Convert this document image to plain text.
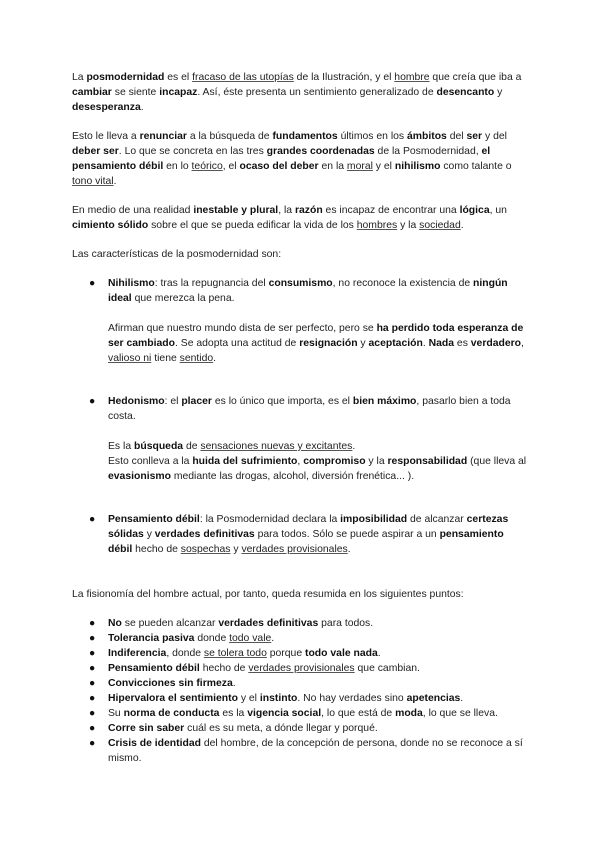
La posmodernidad es el fracaso de las utopías de la Ilustración, y el hombre que creía que iba a cambiar se siente incapaz. Así, éste presenta un sentimiento generalizado de desencanto y desesperanza.

Esto le lleva a renunciar a la búsqueda de fundamentos últimos en los ámbitos del ser y del deber ser. Lo que se concreta en las tres grandes coordenadas de la Posmodernidad, el pensamiento débil en lo teórico, el ocaso del deber en la moral y el nihilismo como talante o tono vital.

En medio de una realidad inestable y plural, la razón es incapaz de encontrar una lógica, un cimiento sólido sobre el que se pueda edificar la vida de los hombres y la sociedad.

Las características de la posmodernidad son:

● Nihilismo: tras la repugnancia del consumismo, no reconoce la existencia de ningún ideal que merezca la pena.

Afirman que nuestro mundo dista de ser perfecto, pero se ha perdido toda esperanza de ser cambiado. Se adopta una actitud de resignación y aceptación. Nada es verdadero, valioso ni tiene sentido.

● Hedonismo: el placer es lo único que importa, es el bien máximo, pasarlo bien a toda costa.

Es la búsqueda de sensaciones nuevas y excitantes.

Esto conlleva a la huida del sufrimiento, compromiso y la responsabilidad (que lleva al evasionismo mediante las drogas, alcohol, diversión frenética... ).

● Pensamiento débil: la Posmodernidad declara la imposibilidad de alcanzar certezas sólidas y verdades definitivas para todos. Sólo se puede aspirar a un pensamiento débil hecho de sospechas y verdades provisionales.

La fisionomía del hombre actual, por tanto, queda resumida en los siguientes puntos:

● No se pueden alcanzar verdades definitivas para todos.

● Tolerancia pasiva donde todo vale.

● Indiferencia, donde se tolera todo porque todo vale nada.

● Pensamiento débil hecho de verdades provisionales que cambian.

● Convicciones sin firmeza.

● Hipervalora el sentimiento y el instinto. No hay verdades sino apetencias.

● Su norma de conducta es la vigencia social, lo que está de moda, lo que se lleva.

● Corre sin saber cuál es su meta, a dónde llegar y porqué.

● Crisis de identidad del hombre, de la concepción de persona, donde no se reconoce a sí mismo.
